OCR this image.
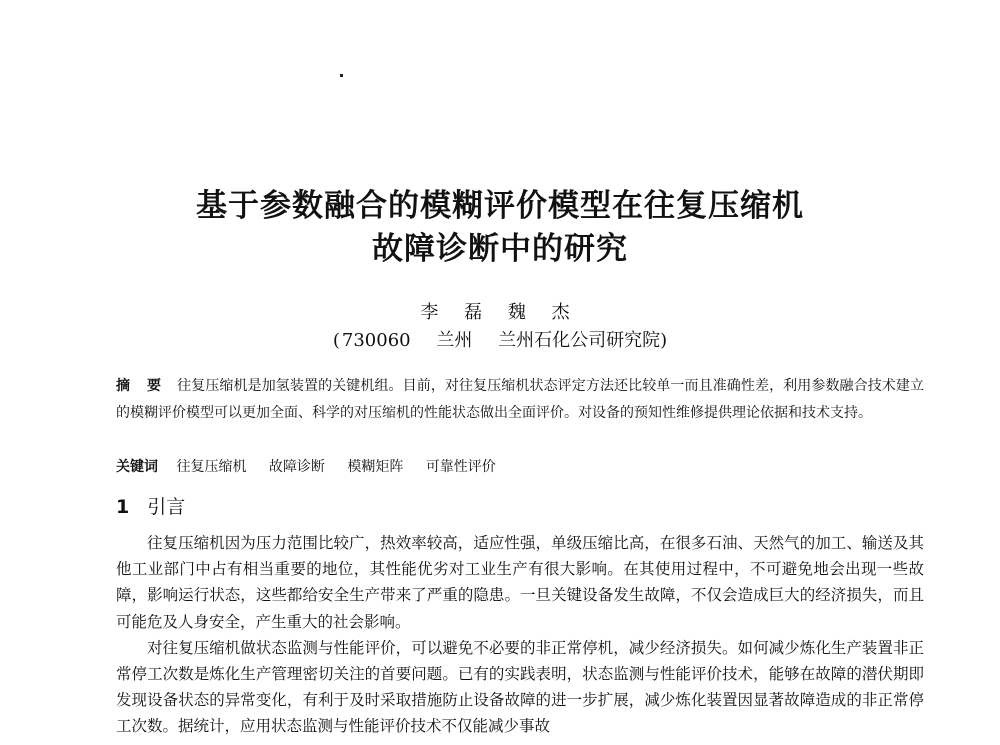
基于参数融合的模糊评价模型在往复压缩机
故障诊断中的研究
李 磊 魏 杰
( 730060 兰州 兰州石化公司研究院)
摘 要 往复压缩机是加氢装置的关键机组。目前，对往复压缩机状态评定方法还比较单一而且准确性差，利用参数融合技术建立的模糊评价模型可以更加全面、科学的对压缩机的性能状态做出全面评价。对设备的预知性维修提供理论依据和技术支持。
关键词 往复压缩机 故障诊断 模糊矩阵 可靠性评价
1 引言

往复压缩机因为压力范围比较广，热效率较高，适应性强，单级压缩比高，在很多石油、天然气的加工、输送及其他工业部门中占有相当重要的地位，其性能优劣对工业生产有很大影响。在其使用过程中，不可避免地会出现一些故障，影响运行状态，这些都给安全生产带来了严重的隐患。一旦关键设备发生故障，不仅会造成巨大的经济损失，而且可能危及人身安全，产生重大的社会影响。

对往复压缩机做状态监测与性能评价，可以避免不必要的非正常停机，减少经济损失。如何减少炼化生产装置非正常停工次数是炼化生产管理密切关注的首要问题。已有的实践表明，状态监测与性能评价技术，能够在故障的潜伏期即发现设备状态的异常变化，有利于及时采取措施防止设备故障的进一步扩展，减少炼化装置因显著故障造成的非正常停工次数。据统计，应用状态监测与性能评价技术不仅能减少事故
